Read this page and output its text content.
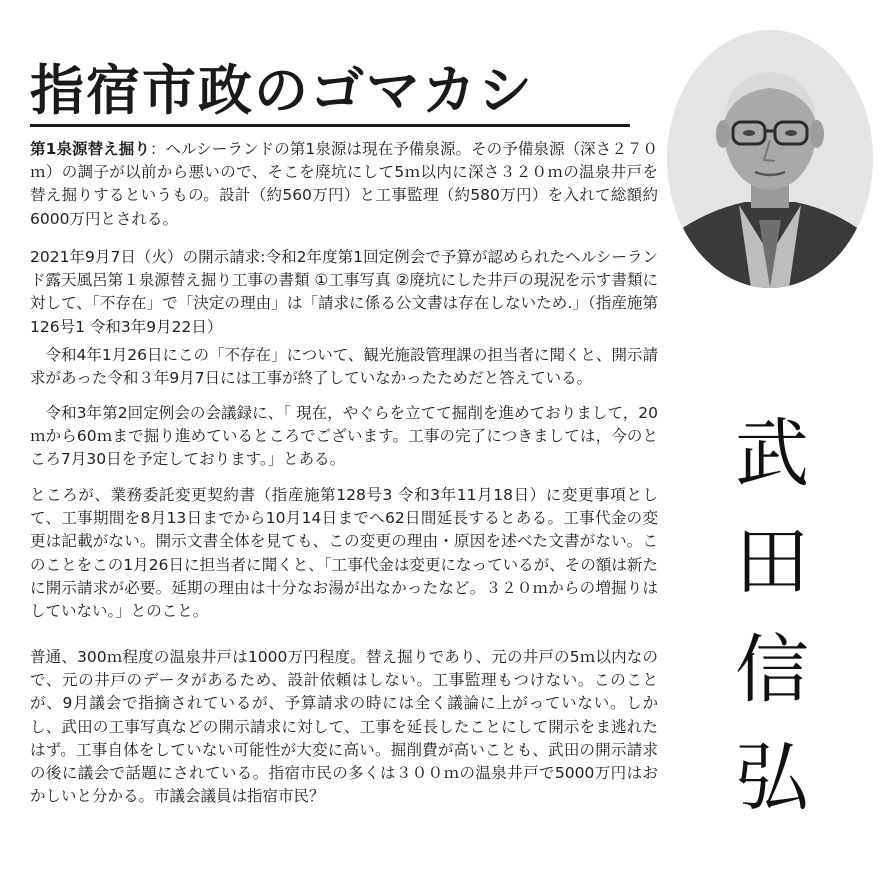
指宿市政のゴマカシ
武
田
信
弘

第1泉源替え掘り：ヘルシーランドの第1泉源は現在予備泉源。その予備泉源（深さ２７０ｍ）の調子が以前から悪いので、そこを廃坑にして5ｍ以内に深さ３２０ｍの温泉井戸を替え掘りするというもの。設計（約560万円）と工事監理（約580万円）を入れて総額約6000万円とされる。

2021年9月7日（火）の開示請求:令和2年度第1回定例会で予算が認められたヘルシーランド露天風呂第１泉源替え掘り工事の書類 ①工事写真 ②廃坑にした井戸の現況を示す書類に対して、「不存在」で「決定の理由」は「請求に係る公文書は存在しないため.」（指産施第126号1 令和3年9月22日）

令和4年1月26日にこの「不存在」について、観光施設管理課の担当者に聞くと、開示請求があった令和３年9月7日には工事が終了していなかったためだと答えている。

令和3年第2回定例会の会議録に、「 現在，やぐらを立てて掘削を進めておりまして，20ｍから60ｍまで掘り進めているところでございます。工事の完了につきましては，今のところ7月30日を予定しております。」とある。

ところが、業務委託変更契約書（指産施第128号3 令和3年11月18日）に変更事項として、工事期間を8月13日までから10月14日までへ62日間延長するとある。工事代金の変更は記載がない。開示文書全体を見ても、この変更の理由・原因を述べた文書がない。このことをこの1月26日に担当者に聞くと、「工事代金は変更になっているが、その額は新たに開示請求が必要。延期の理由は十分なお湯が出なかったなど。３２０ｍからの増掘りはしていない。」とのこと。

普通、300ｍ程度の温泉井戸は1000万円程度。替え掘りであり、元の井戸の5ｍ以内なので、元の井戸のデータがあるため、設計依頼はしない。工事監理もつけない。このことが、9月議会で指摘されているが、予算請求の時には全く議論に上がっていない。しかし、武田の工事写真などの開示請求に対して、工事を延長したことにして開示をま逃れたはず。工事自体をしていない可能性が大変に高い。掘削費が高いことも、武田の開示請求の後に議会で話題にされている。指宿市民の多くは３００ｍの温泉井戸で5000万円はおかしいと分かる。市議会議員は指宿市民？
